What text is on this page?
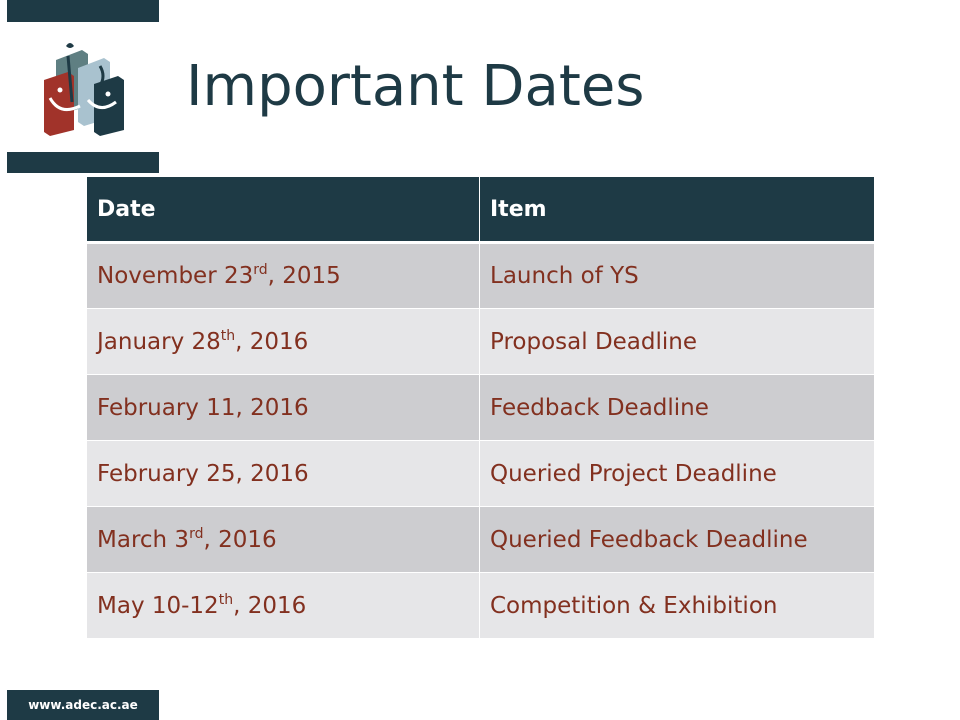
Important Dates
Date	Item
November 23rd, 2015	Launch of YS
January 28th, 2016	Proposal Deadline
February 11, 2016	Feedback Deadline
February 25, 2016	Queried Project Deadline
March 3rd, 2016	Queried Feedback Deadline
May 10-12th, 2016	Competition & Exhibition
www.adec.ac.ae
